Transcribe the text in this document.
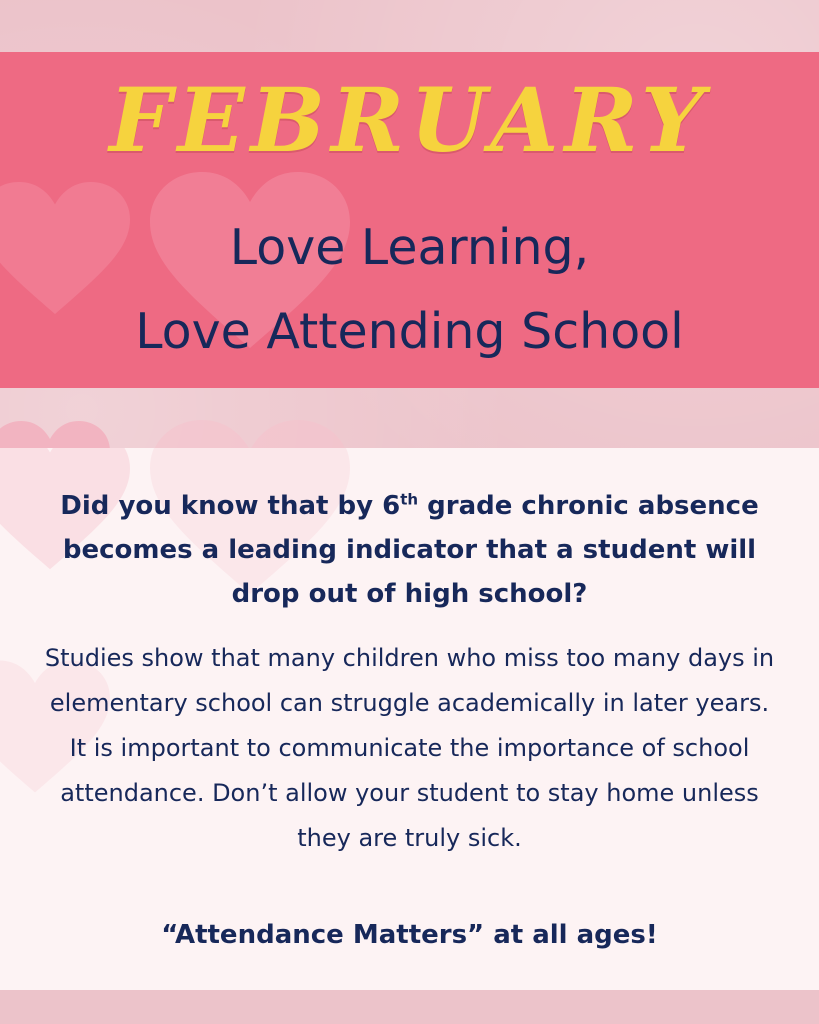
FEBRUARY
Love Learning,
Love Attending School
Did you know that by 6th grade chronic absence becomes a leading indicator that a student will drop out of high school?
Studies show that many children who miss too many days in elementary school can struggle academically in later years. It is important to communicate the importance of school attendance. Don’t allow your student to stay home unless they are truly sick.
“Attendance Matters” at all ages!
